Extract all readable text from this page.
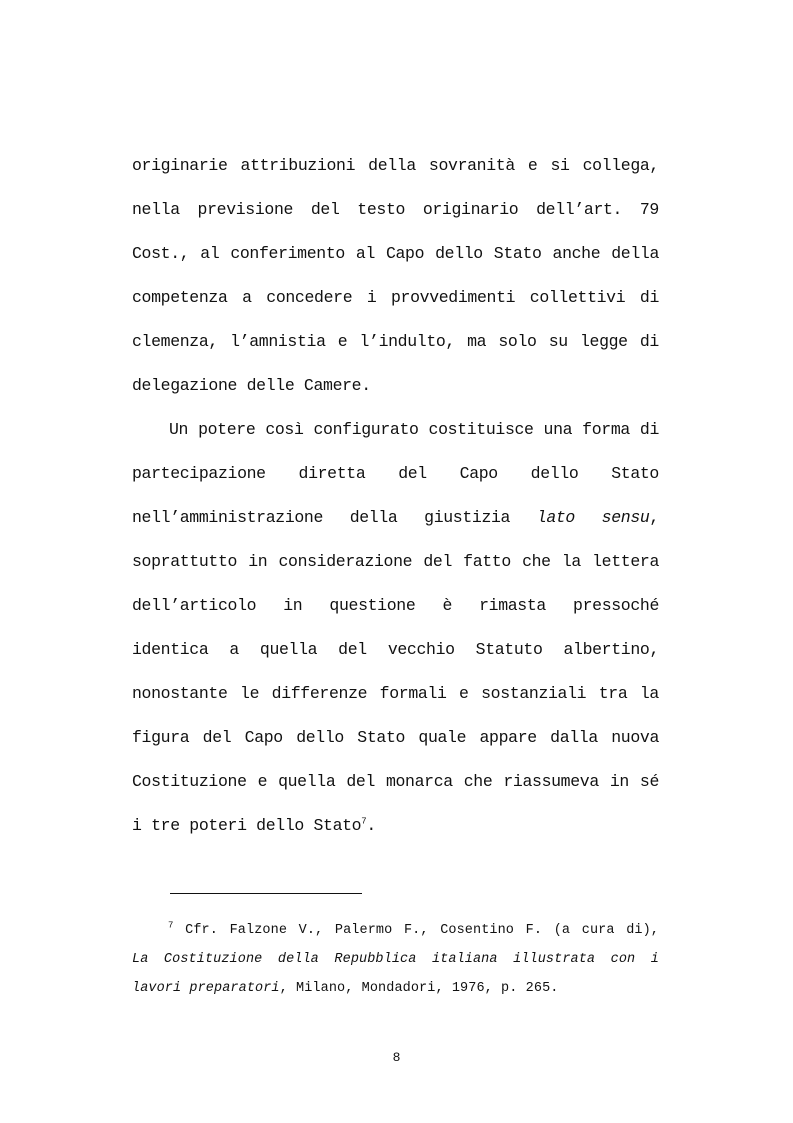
originarie attribuzioni della sovranità e si collega,
nella previsione del testo originario dell’art. 79
Cost., al conferimento al Capo dello Stato anche della
competenza a concedere i provvedimenti collettivi di
clemenza, l’amnistia e l’indulto, ma solo su legge di
delegazione delle Camere.
Un potere così configurato costituisce una forma di
partecipazione diretta del Capo dello Stato
nell’amministrazione della giustizia lato sensu,
soprattutto in considerazione del fatto che la lettera
dell’articolo in questione è rimasta pressoché
identica a quella del vecchio Statuto albertino,
nonostante le differenze formali e sostanziali tra la
figura del Capo dello Stato quale appare dalla nuova
Costituzione e quella del monarca che riassumeva in sé
i tre poteri dello Stato$^7$.
$^7$ Cfr. Falzone V., Palermo F., Cosentino F. (a cura di),
La Costituzione della Repubblica italiana illustrata con i
lavori preparatori, Milano, Mondadori, 1976, p. 265.
8
